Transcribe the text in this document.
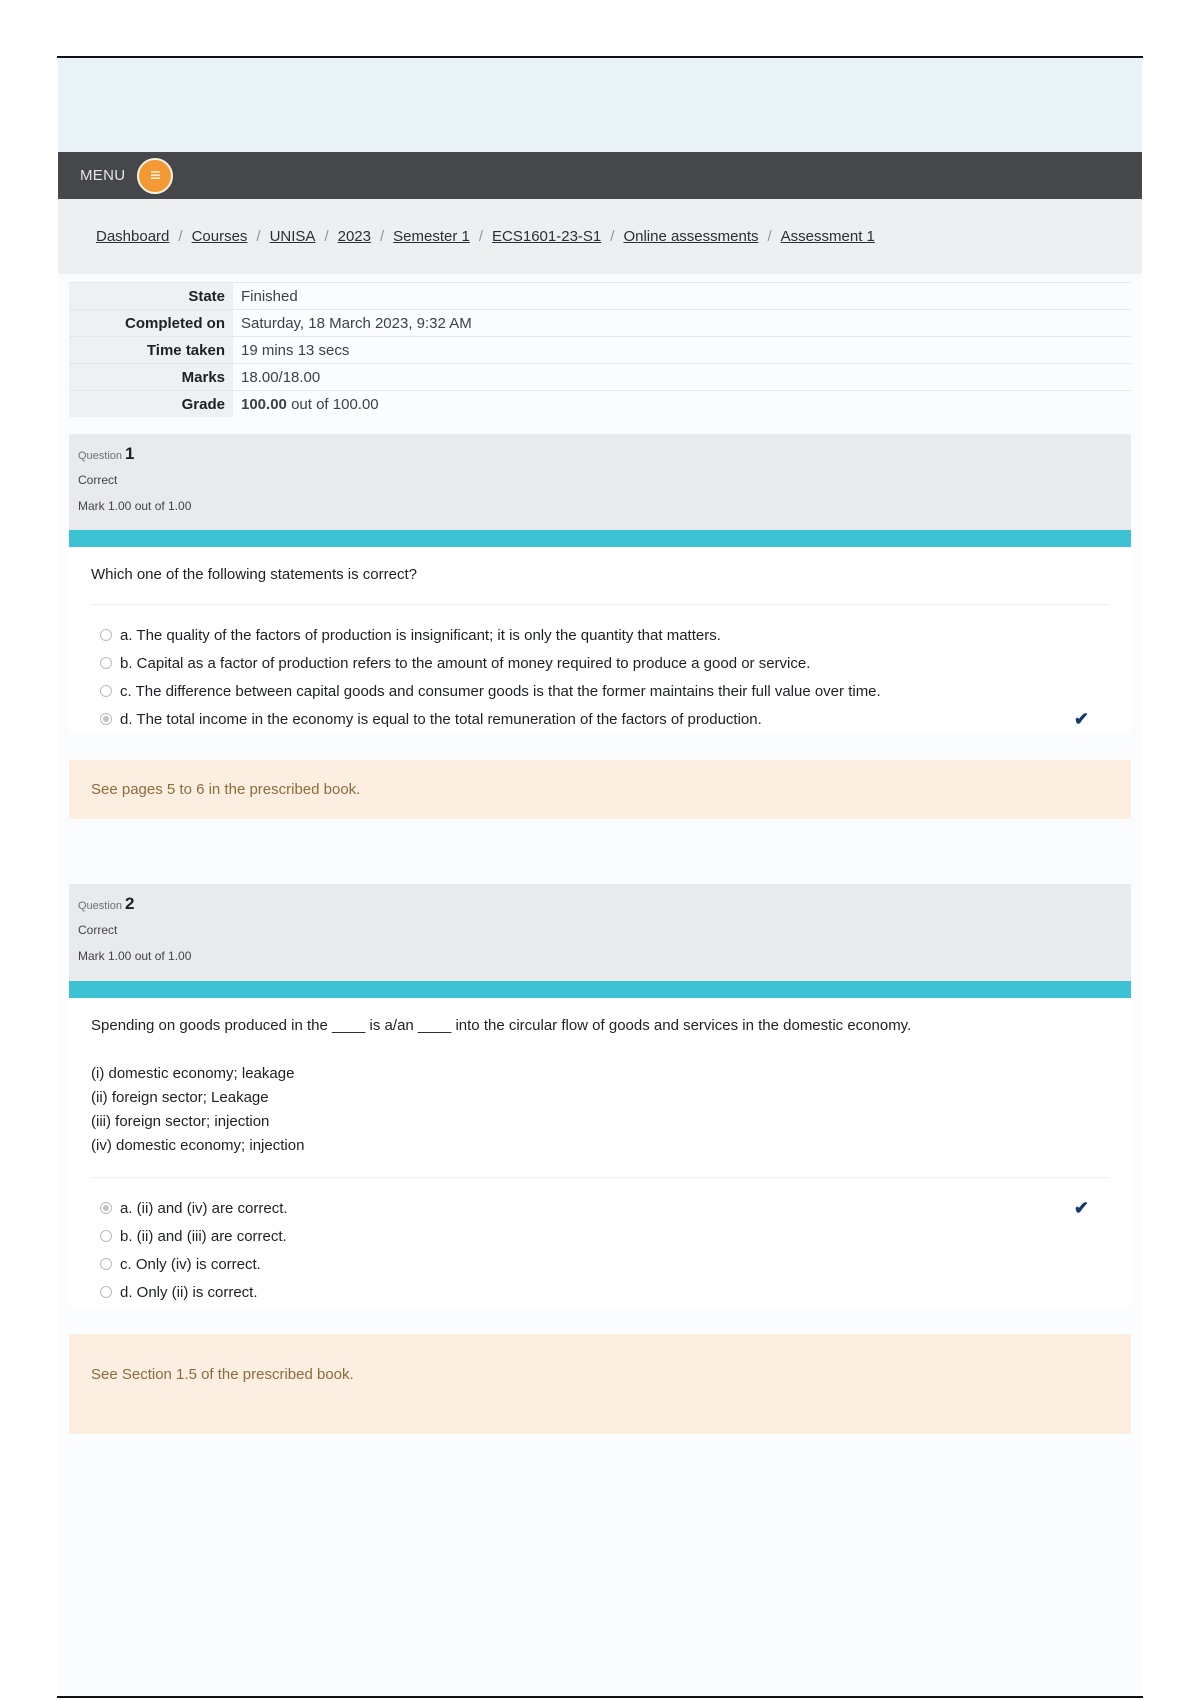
MENU ≡
Dashboard / Courses / UNISA / 2023 / Semester 1 / ECS1601-23-S1 / Online assessments / Assessment 1
State	Finished
Completed on	Saturday, 18 March 2023, 9:32 AM
Time taken	19 mins 13 secs
Marks	18.00/18.00
Grade	100.00 out of 100.00
Question 1
Correct
Mark 1.00 out of 1.00
Which one of the following statements is correct?
a. The quality of the factors of production is insignificant; it is only the quantity that matters.
b. Capital as a factor of production refers to the amount of money required to produce a good or service.
c. The difference between capital goods and consumer goods is that the former maintains their full value over time.
d. The total income in the economy is equal to the total remuneration of the factors of production.	✔
See pages 5 to 6 in the prescribed book.
Question 2
Correct
Mark 1.00 out of 1.00
Spending on goods produced in the ____ is a/an ____ into the circular flow of goods and services in the domestic economy.
(i) domestic economy; leakage
(ii) foreign sector; Leakage
(iii) foreign sector; injection
(iv) domestic economy; injection
a. (ii) and (iv) are correct.	✔
b. (ii) and (iii) are correct.
c. Only (iv) is correct.
d. Only (ii) is correct.
See Section 1.5 of the prescribed book.
